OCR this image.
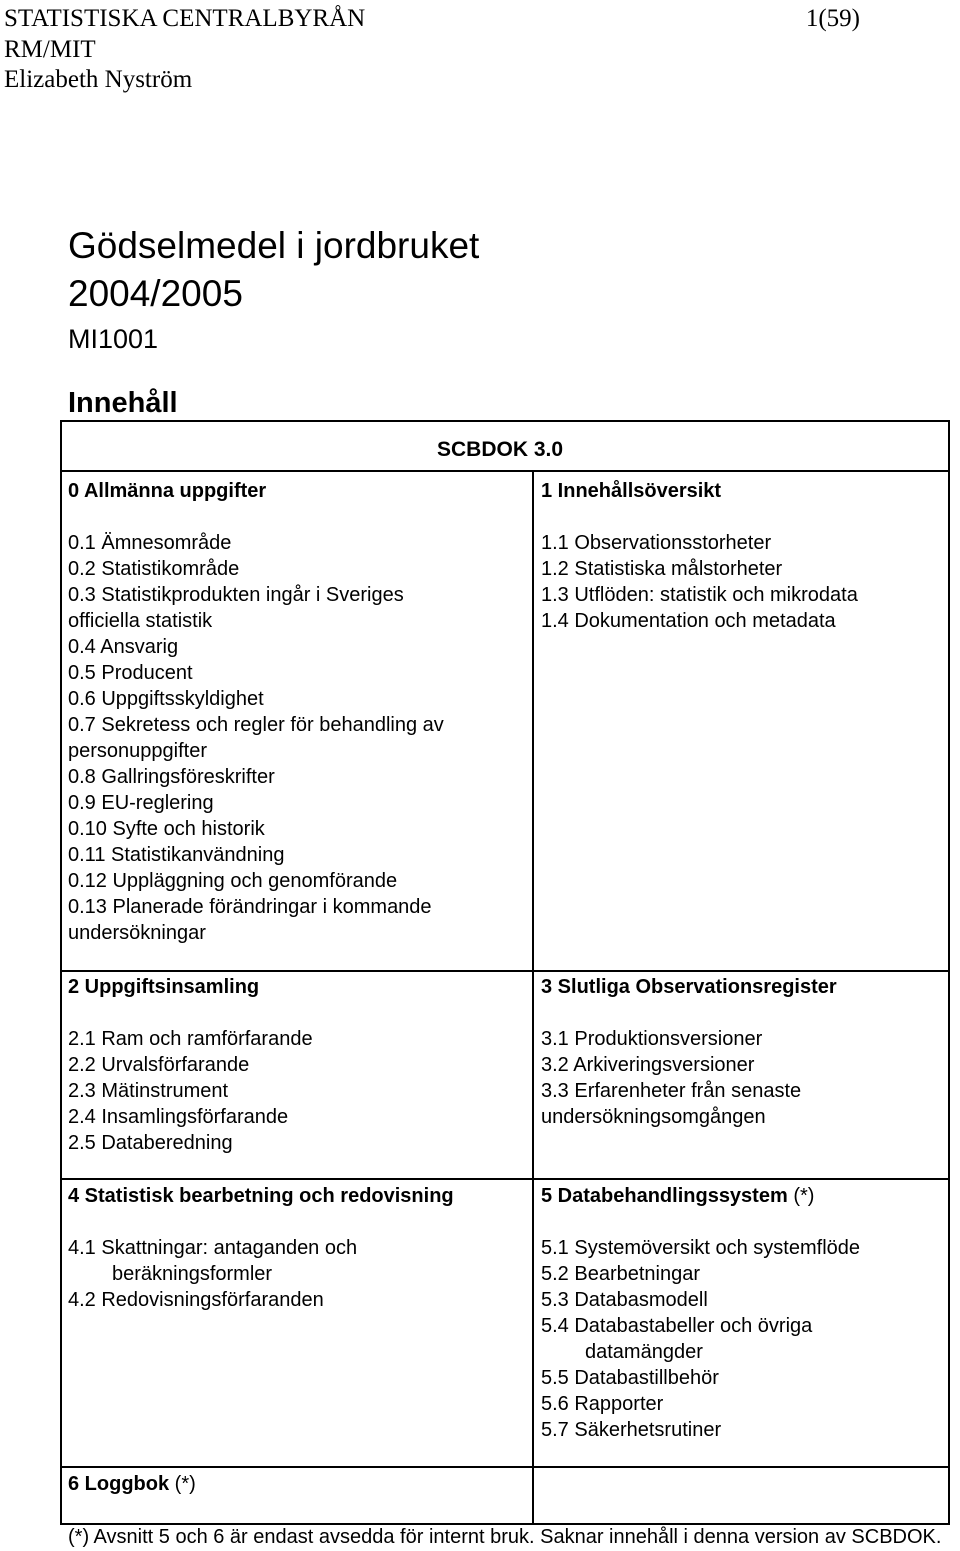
STATISTISKA CENTRALBYRÅN	1(59)
RM/MIT
Elizabeth Nyström
Gödselmedel i jordbruket
2004/2005
MI1001
Innehåll
SCBDOK 3.0
0 Allmänna uppgifter
0.1 Ämnesområde
0.2 Statistikområde
0.3 Statistikprodukten ingår i Sveriges officiella statistik
0.4 Ansvarig
0.5 Producent
0.6 Uppgiftsskyldighet
0.7 Sekretess och regler för behandling av personuppgifter
0.8 Gallringsföreskrifter
0.9 EU-reglering
0.10 Syfte och historik
0.11 Statistikanvändning
0.12 Uppläggning och genomförande
0.13 Planerade förändringar i kommande undersökningar
1 Innehållsöversikt
1.1 Observationsstorheter
1.2 Statistiska målstorheter
1.3 Utflöden: statistik och mikrodata
1.4 Dokumentation och metadata
2 Uppgiftsinsamling
2.1 Ram och ramförfarande
2.2 Urvalsförfarande
2.3 Mätinstrument
2.4 Insamlingsförfarande
2.5 Databeredning
3 Slutliga Observationsregister
3.1 Produktionsversioner
3.2 Arkiveringsversioner
3.3 Erfarenheter från senaste undersökningsomgången
4 Statistisk bearbetning och redovisning
4.1 Skattningar: antaganden och beräkningsformler
4.2 Redovisningsförfaranden
5 Databehandlingssystem (*)
5.1 Systemöversikt och systemflöde
5.2 Bearbetningar
5.3 Databasmodell
5.4 Databastabeller och övriga datamängder
5.5 Databastillbehör
5.6 Rapporter
5.7 Säkerhetsrutiner
6 Loggbok (*)
(*) Avsnitt 5 och 6 är endast avsedda för internt bruk. Saknar innehåll i denna version av SCBDOK.
